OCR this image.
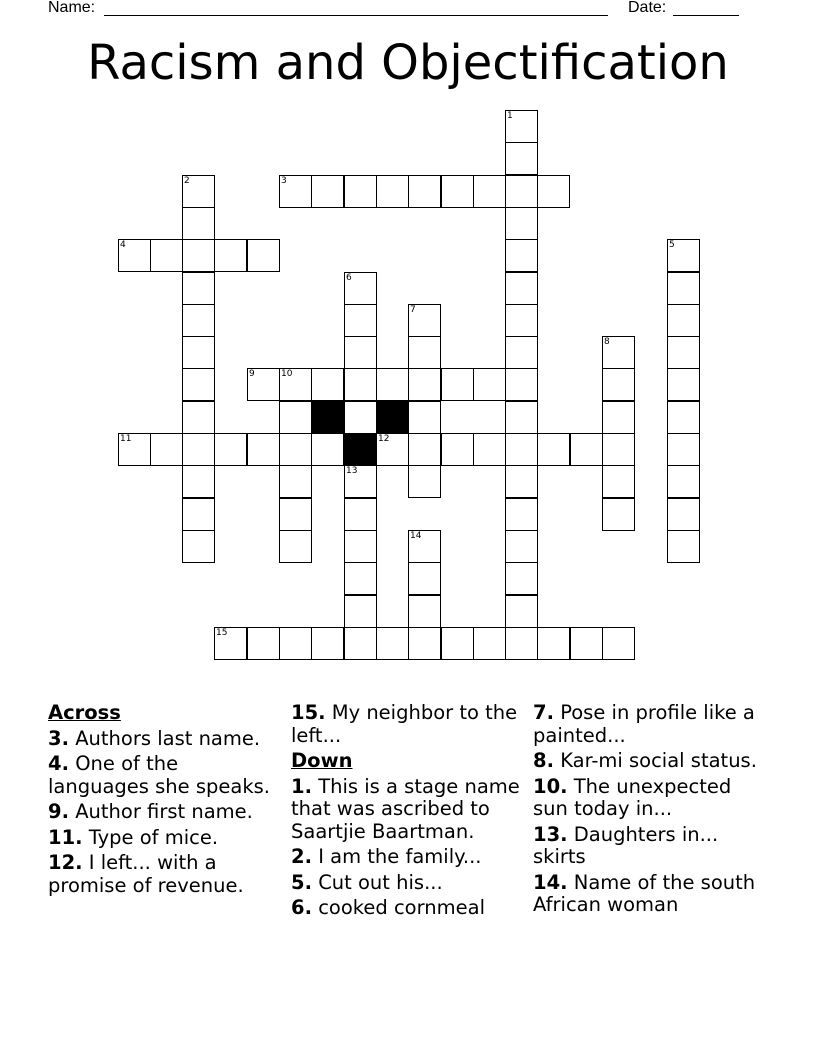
Name:	Date:
Racism and Objectification
1
2	3
4	5
6
7
8
9	10
11	12
13
14
15
Across
3. Authors last name.
4. One of the languages she speaks.
9. Author first name.
11. Type of mice.
12. I left... with a promise of revenue.
15. My neighbor to the left...
Down
1. This is a stage name that was ascribed to Saartjie Baartman.
2. I am the family...
5. Cut out his...
6. cooked cornmeal
7. Pose in profile like a painted...
8. Kar-mi social status.
10. The unexpected sun today in...
13. Daughters in... skirts
14. Name of the south African woman
